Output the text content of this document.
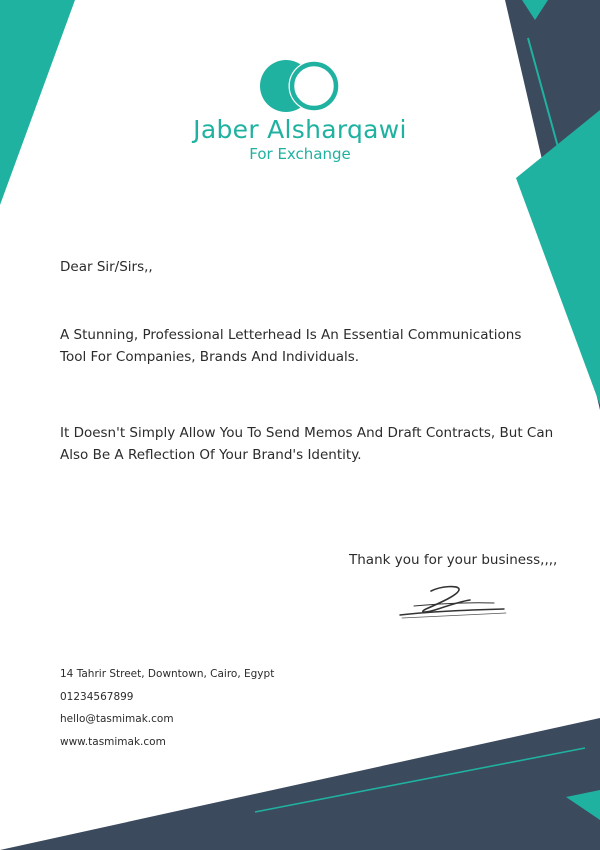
Jaber Alsharqawi
For Exchange
Dear Sir/Sirs,,
A Stunning, Professional Letterhead Is An Essential Communications Tool For Companies, Brands And Individuals.
It Doesn't Simply Allow You To Send Memos And Draft Contracts, But Can Also Be A Reflection Of Your Brand's Identity.
Thank you for your business,,,,
14 Tahrir Street, Downtown, Cairo, Egypt
01234567899
hello@tasmimak.com
www.tasmimak.com
